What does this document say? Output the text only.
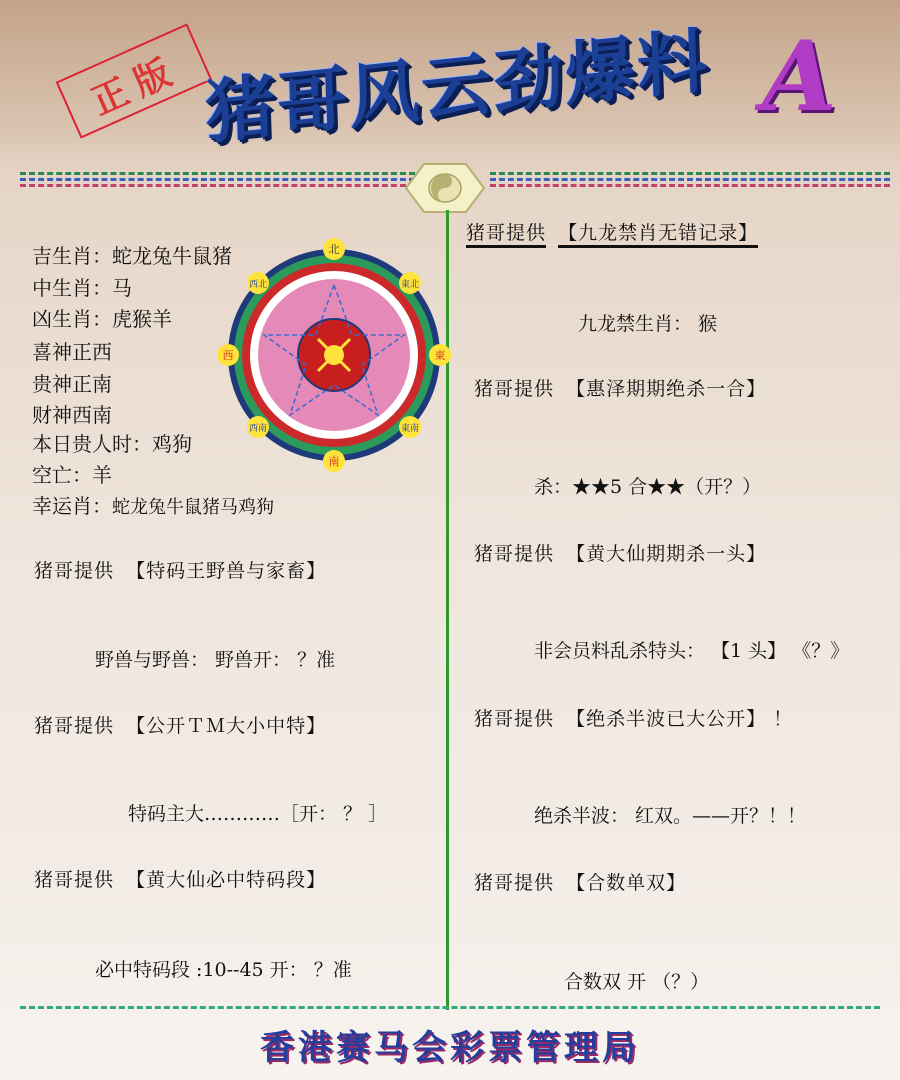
正版 猪哥风云劲爆料 A
吉生肖：蛇龙兔牛鼠猪
中生肖：马
凶生肖：虎猴羊
喜神正西
贵神正南
财神西南
本日贵人时：鸡狗
空亡：羊
幸运肖：蛇龙兔牛鼠猪马鸡狗
北
東北
東
東南
南
西南
西
西北
猪哥提供 【特码王野兽与家畜】
野兽与野兽： 野兽开： ？准
猪哥提供 【公开ＴＭ大小中特】
特码主大…………［开： ？ ］
猪哥提供 【黄大仙必中特码段】
必中特码段 :10--45 开： ？准
猪哥提供 【九龙禁肖无错记录】
九龙禁生肖： 猴
猪哥提供 【惠泽期期绝杀一合】
杀：★★5 合★★（开？）
猪哥提供 【黄大仙期期杀一头】
非会员料乱杀特头： 【1 头】 《？》
猪哥提供 【绝杀半波已大公开】 ！
绝杀半波： 红双。——开？！！
猪哥提供 【合数单双】
合数双 开 （？）
香港赛马会彩票管理局
